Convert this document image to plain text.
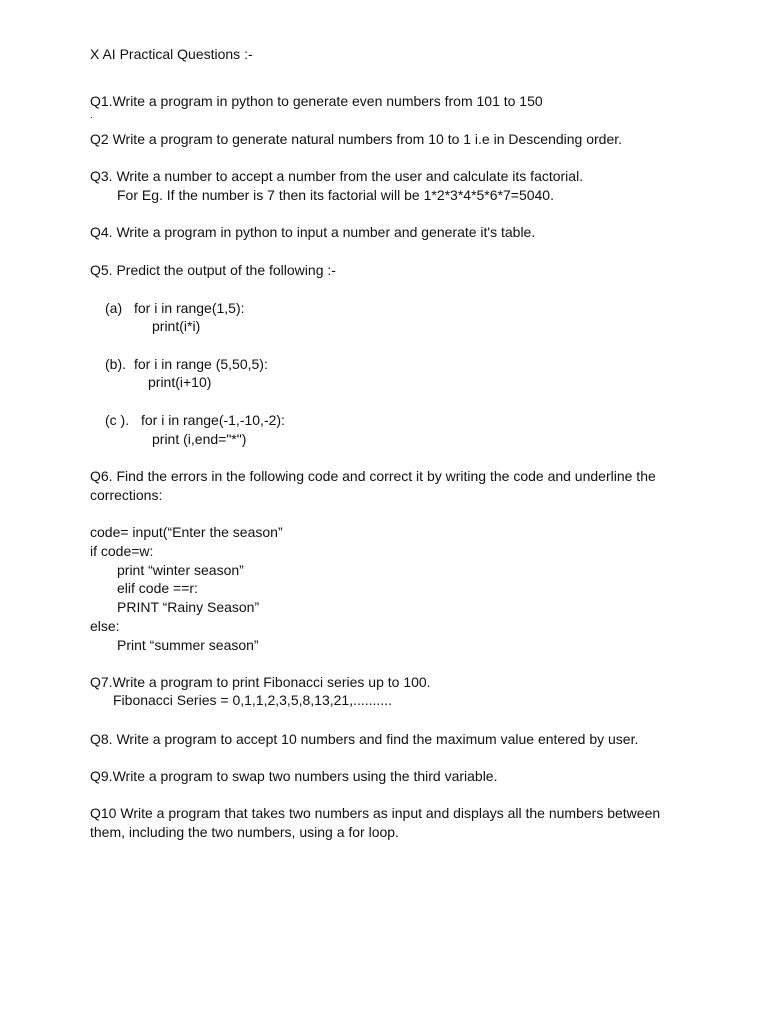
X AI Practical Questions :-

Q1.Write a program in python to generate even numbers from 101 to 150

.

Q2 Write a program to generate natural numbers from 10 to 1 i.e in Descending order.

Q3. Write a number to accept a number from the user and calculate its factorial.

For Eg. If the number is 7 then its factorial will be 1*2*3*4*5*6*7=5040.

Q4. Write a program in python to input a number and generate it's table.

Q5. Predict the output of the following :-

(a) for i in range(1,5):

print(i*i)

(b). for i in range (5,50,5):

print(i+10)

(c ). for i in range(-1,-10,-2):

print (i,end="*")

Q6. Find the errors in the following code and correct it by writing the code and underline the

corrections:

code= input(“Enter the season”

if code=w:

print “winter season”

elif code ==r:

PRINT “Rainy Season”

else:

Print “summer season”

Q7.Write a program to print Fibonacci series up to 100.

Fibonacci Series = 0,1,1,2,3,5,8,13,21,..........

Q8. Write a program to accept 10 numbers and find the maximum value entered by user.

Q9.Write a program to swap two numbers using the third variable.

Q10 Write a program that takes two numbers as input and displays all the numbers between

them, including the two numbers, using a for loop.
